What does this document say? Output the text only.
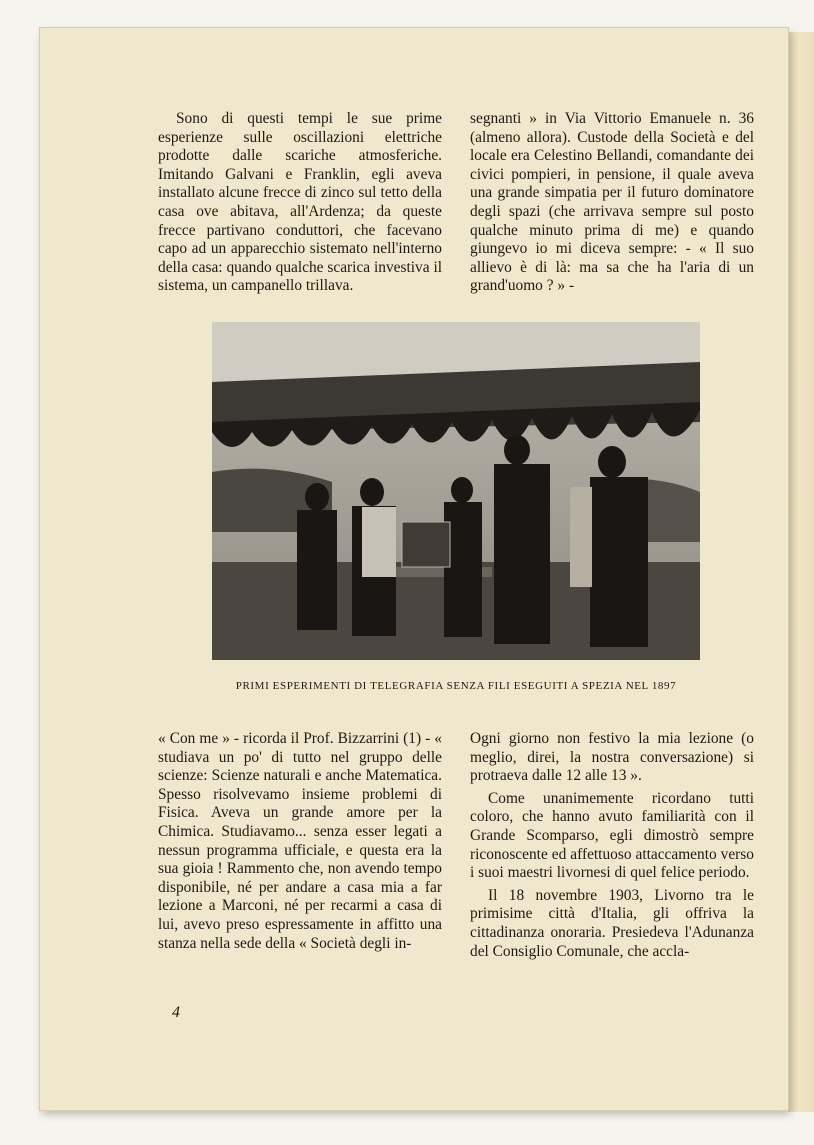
Sono di questi tempi le sue prime esperienze sulle oscillazioni elettriche prodotte dalle scariche atmosferiche. Imitando Galvani e Franklin, egli aveva installato alcune frecce di zinco sul tetto della casa ove abitava, all'Ardenza; da queste frecce partivano conduttori, che facevano capo ad un apparecchio sistemato nell'interno della casa: quando qualche scarica investiva il sistema, un campanello trillava.

segnanti » in Via Vittorio Emanuele n. 36 (almeno allora). Custode della Società e del locale era Celestino Bellandi, comandante dei civici pompieri, in pensione, il quale aveva una grande simpatia per il futuro dominatore degli spazi (che arrivava sempre sul posto qualche minuto prima di me) e quando giungevo io mi diceva sempre: - « Il suo allievo è di là: ma sa che ha l'aria di un grand'uomo ? » -

PRIMI ESPERIMENTI DI TELEGRAFIA SENZA FILI ESEGUITI A SPEZIA NEL 1897

« Con me » - ricorda il Prof. Bizzarrini (1) - « studiava un po' di tutto nel gruppo delle scienze: Scienze naturali e anche Matematica. Spesso risolvevamo insieme problemi di Fisica. Aveva un grande amore per la Chimica. Studiavamo... senza esser legati a nessun programma ufficiale, e questa era la sua gioia ! Rammento che, non avendo tempo disponibile, né per andare a casa mia a far lezione a Marconi, né per recarmi a casa di lui, avevo preso espressamente in affitto una stanza nella sede della « Società degli in-

Ogni giorno non festivo la mia lezione (o meglio, direi, la nostra conversazione) si protraeva dalle 12 alle 13 ».

Come unanimemente ricordano tutti coloro, che hanno avuto familiarità con il Grande Scomparso, egli dimostrò sempre riconoscente ed affettuoso attaccamento verso i suoi maestri livornesi di quel felice periodo.

Il 18 novembre 1903, Livorno tra le primisime città d'Italia, gli offriva la cittadinanza onoraria. Presiedeva l'Adunanza del Consiglio Comunale, che accla-

4
